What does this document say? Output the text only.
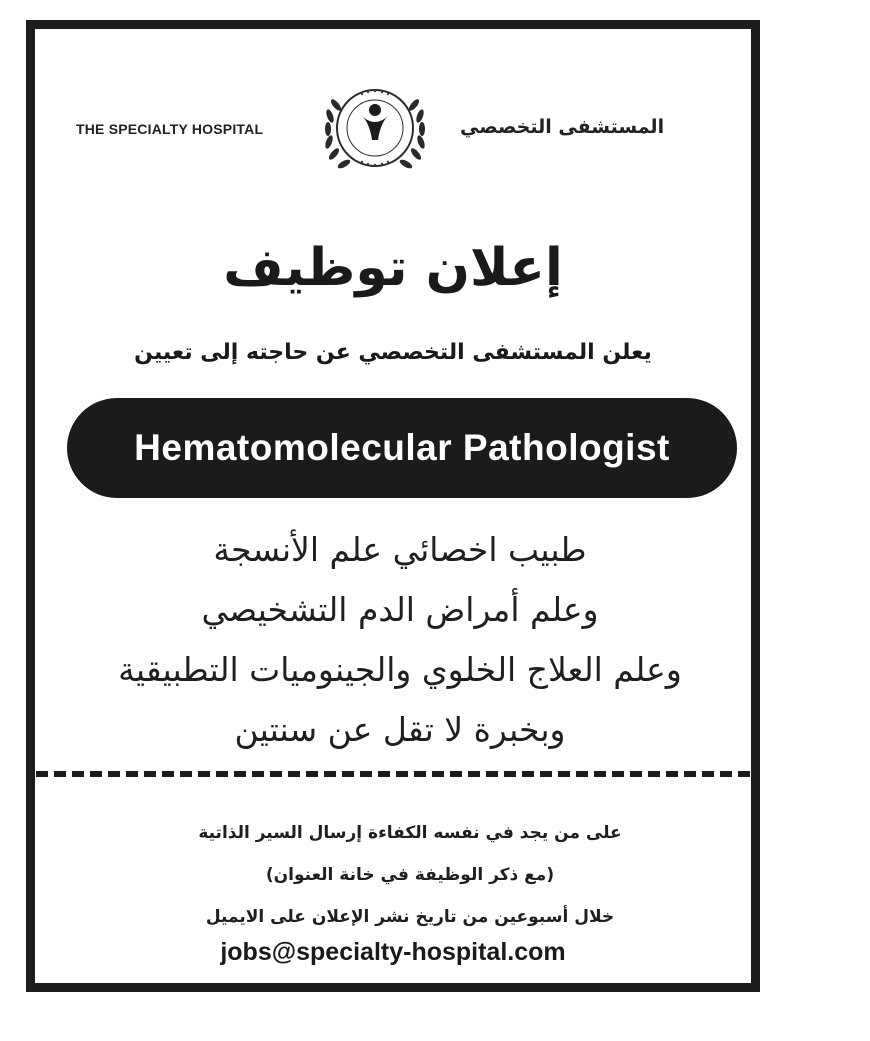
THE SPECIALTY HOSPITAL	المستشفى التخصصي
إعلان توظيف
يعلن المستشفى التخصصي عن حاجته إلى تعيين
Hematomolecular Pathologist
طبيب اخصائي علم الأنسجة
وعلم أمراض الدم التشخيصي
وعلم العلاج الخلوي والجينوميات التطبيقية
وبخبرة لا تقل عن سنتين
على من يجد في نفسه الكفاءة إرسال السير الذاتية
(مع ذكر الوظيفة في خانة العنوان)
خلال أسبوعين من تاريخ نشر الإعلان على الايميل
jobs@specialty-hospital.com
